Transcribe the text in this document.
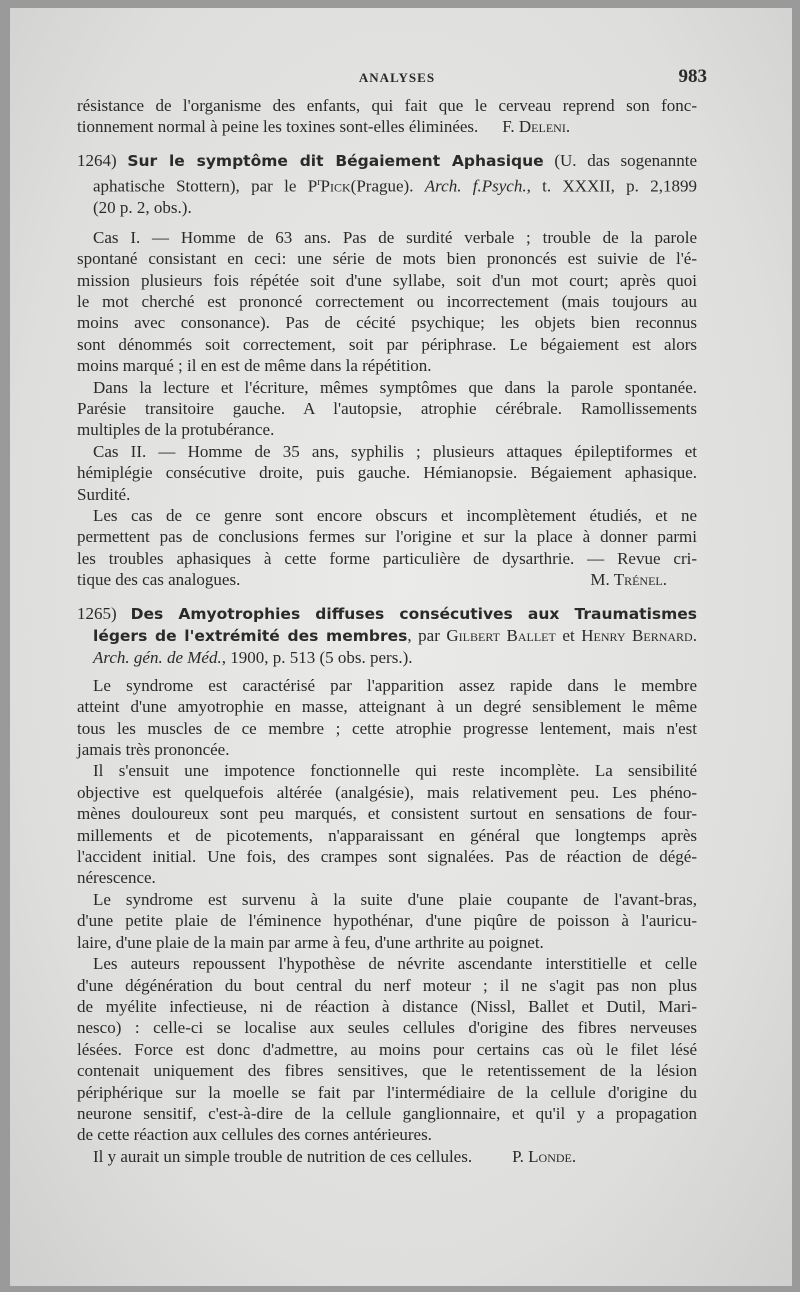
ANALYSES	983
résistance de l'organisme des enfants, qui fait que le cerveau reprend son fonc-
tionnement normal à peine les toxines sont-elles éliminées. F. Deleni.
1264) Sur le symptôme dit Bégaiement Aphasique (U. das sogenannte
aphatische Stottern), par le $P^rPick(Prague)$. Arch. f.Psych., t. XXXII, p. 2,1899
(20 p. 2, obs.).
Cas I. — Homme de 63 ans. Pas de surdité verbale ; trouble de la parole
spontané consistant en ceci: une série de mots bien prononcés est suivie de l'é-
mission plusieurs fois répétée soit d'une syllabe, soit d'un mot court; après quoi
le mot cherché est prononcé correctement ou incorrectement (mais toujours au
moins avec consonance). Pas de cécité psychique; les objets bien reconnus
sont dénommés soit correctement, soit par périphrase. Le bégaiement est alors
moins marqué ; il en est de même dans la répétition.
Dans la lecture et l'écriture, mêmes symptômes que dans la parole spontanée.
Parésie transitoire gauche. A l'autopsie, atrophie cérébrale. Ramollissements
multiples de la protubérance.
Cas II. — Homme de 35 ans, syphilis ; plusieurs attaques épileptiformes et
hémiplégie consécutive droite, puis gauche. Hémianopsie. Bégaiement aphasique.
Surdité.
Les cas de ce genre sont encore obscurs et incomplètement étudiés, et ne
permettent pas de conclusions fermes sur l'origine et sur la place à donner parmi
les troubles aphasiques à cette forme particulière de dysarthrie. — Revue cri-
tique des cas analogues.	M. Trénel.
1265) Des Amyotrophies diffuses consécutives aux Traumatismes
légers de l'extrémité des membres, par Gilbert Ballet et Henry Bernard.
Arch. gén. de Méd., 1900, p. 513 (5 obs. pers.).
Le syndrome est caractérisé par l'apparition assez rapide dans le membre
atteint d'une amyotrophie en masse, atteignant à un degré sensiblement le même
tous les muscles de ce membre ; cette atrophie progresse lentement, mais n'est
jamais très prononcée.
Il s'ensuit une impotence fonctionnelle qui reste incomplète. La sensibilité
objective est quelquefois altérée (analgésie), mais relativement peu. Les phéno-
mènes douloureux sont peu marqués, et consistent surtout en sensations de four-
millements et de picotements, n'apparaissant en général que longtemps après
l'accident initial. Une fois, des crampes sont signalées. Pas de réaction de dégé-
nérescence.
Le syndrome est survenu à la suite d'une plaie coupante de l'avant-bras,
d'une petite plaie de l'éminence hypothénar, d'une piqûre de poisson à l'auricu-
laire, d'une plaie de la main par arme à feu, d'une arthrite au poignet.
Les auteurs repoussent l'hypothèse de névrite ascendante interstitielle et celle
d'une dégénération du bout central du nerf moteur ; il ne s'agit pas non plus
de myélite infectieuse, ni de réaction à distance (Nissl, Ballet et Dutil, Mari-
nesco) : celle-ci se localise aux seules cellules d'origine des fibres nerveuses
lésées. Force est donc d'admettre, au moins pour certains cas où le filet lésé
contenait uniquement des fibres sensitives, que le retentissement de la lésion
périphérique sur la moelle se fait par l'intermédiaire de la cellule d'origine du
neurone sensitif, c'est-à-dire de la cellule ganglionnaire, et qu'il y a propagation
de cette réaction aux cellules des cornes antérieures.
Il y aurait un simple trouble de nutrition de ces cellules. P. Londe.
